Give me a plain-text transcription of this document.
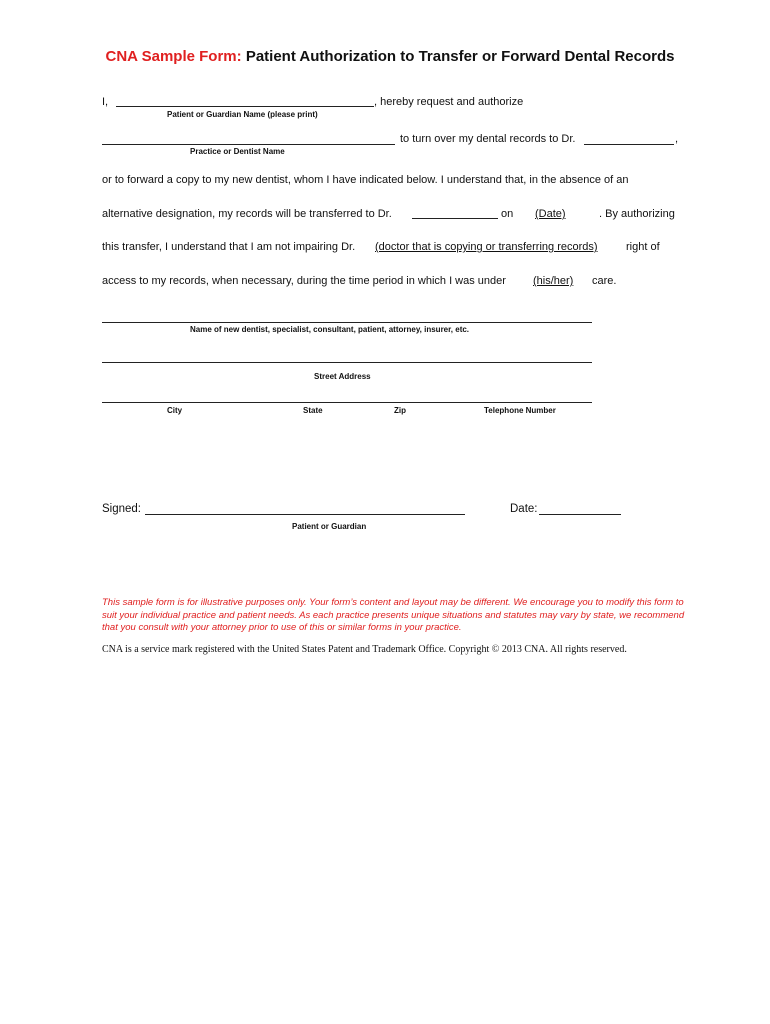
CNA Sample Form: Patient Authorization to Transfer or Forward Dental Records
I,	, hereby request and authorize
Patient or Guardian Name (please print)
to turn over my dental records to Dr.	,
Practice or Dentist Name
or to forward a copy to my new dentist, whom I have indicated below. I understand that, in the absence of an
alternative designation, my records will be transferred to Dr.	on	(Date)	. By authorizing
this transfer, I understand that I am not impairing Dr.	(doctor that is copying or transferring records)	right of
access to my records, when necessary, during the time period in which I was under	(his/her)	care.
Name of new dentist, specialist, consultant, patient, attorney, insurer, etc.
Street Address
City	State	Zip	Telephone Number
Signed:
Patient or Guardian
Date:
This sample form is for illustrative purposes only. Your form’s content and layout may be different. We encourage you to modify this form to suit your individual practice and patient needs. As each practice presents unique situations and statutes may vary by state, we recommend that you consult with your attorney prior to use of this or similar forms in your practice.
CNA is a service mark registered with the United States Patent and Trademark Office. Copyright © 2013 CNA. All rights reserved.
